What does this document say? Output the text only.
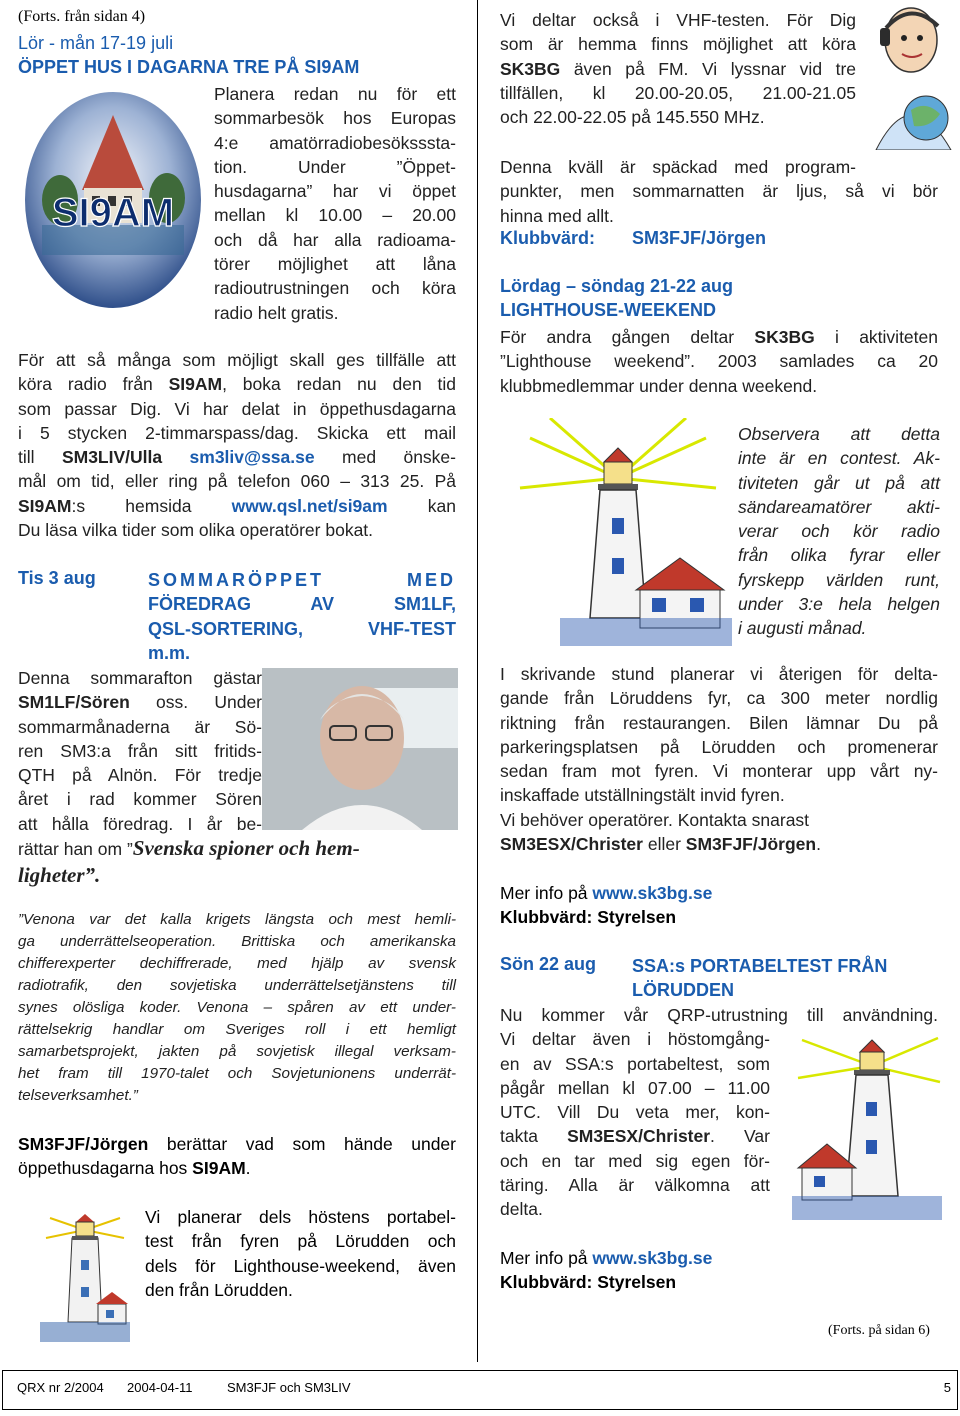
(Forts. från sidan 4)
Lör - mån 17-19 juli
ÖPPET HUS I DAGARNA TRE PÅ SI9AM
SI9AM
Planera redan nu för ett
sommarbesök hos Europas
4:e amatörradiobesöksssta-
tion. Under ”Öppet-
husdagarna” har vi öppet
mellan kl 10.00 – 20.00
och då har alla radioama-
törer möjlighet att låna
radioutrustningen och köra
radio helt gratis.
För att så många som möjligt skall ges tillfälle att
köra radio från SI9AM, boka redan nu den tid
som passar Dig. Vi har delat in öppethusdagarna
i 5 stycken 2-timmarspass/dag. Skicka ett mail
till SM3LIV/Ulla sm3liv@ssa.se med önske-
mål om tid, eller ring på telefon 060 – 313 25. På
SI9AM:s hemsida www.qsl.net/si9am kan
Du läsa vilka tider som olika operatörer bokat.
Tis 3 aug	SOMMARÖPPET MED
FÖREDRAG AV SM1LF,
QSL-SORTERING, VHF-TEST
m.m.
Denna sommarafton gästar
SM1LF/Sören oss. Under
sommarmånaderna är Sö-
ren SM3:a från sitt fritids-
QTH på Alnön. För tredje
året i rad kommer Sören
att hålla föredrag. I år be-
rättar han om ”Svenska spioner och hem-
ligheter”.
”Venona var det kalla krigets längsta och mest hemli-
ga underrättelseoperation. Brittiska och amerikanska
chifferexperter dechiffrerade, med hjälp av svensk
radiotrafik, den sovjetiska underrättelsetjänstens till
synes olösliga koder. Venona – spåren av ett under-
rättelsekrig handlar om Sveriges roll i ett hemligt
samarbetsprojekt, jakten på sovjetisk illegal verksam-
het fram till 1970-talet och Sovjetunionens underrät-
telseverksamhet.”
SM3FJF/Jörgen berättar vad som hände under
öppethusdagarna hos SI9AM.
Vi planerar dels höstens portabel-
test från fyren på Lörudden och
dels för Lighthouse-weekend, även
den från Lörudden.
Vi deltar också i VHF-testen. För Dig
som är hemma finns möjlighet att köra
SK3BG även på FM. Vi lyssnar vid tre
tillfällen, kl 20.00-20.05, 21.00-21.05
och 22.00-22.05 på 145.550 MHz.
Denna kväll är späckad med program-
punkter, men sommarnatten är ljus, så vi bör
hinna med allt.
Klubbvärd: SM3FJF/Jörgen
Lördag – söndag 21-22 aug
LIGHTHOUSE-WEEKEND
För andra gången deltar SK3BG i aktiviteten
”Lighthouse weekend”. 2003 samlades ca 20
klubbmedlemmar under denna weekend.
Observera att detta
inte är en contest. Ak-
tiviteten går ut på att
sändareamatörer akti-
verar och kör radio
från olika fyrar eller
fyrskepp världen runt,
under 3:e hela helgen
i augusti månad.
I skrivande stund planerar vi återigen för delta-
gande från Löruddens fyr, ca 300 meter nordlig
riktning från restaurangen. Bilen lämnar Du på
parkeringsplatsen på Lörudden och promenerar
sedan fram mot fyren. Vi monterar upp vårt ny-
inskaffade utställningstält invid fyren.
Vi behöver operatörer. Kontakta snarast
SM3ESX/Christer eller SM3FJF/Jörgen.
Mer info på www.sk3bg.se
Klubbvärd: Styrelsen
Sön 22 aug SSA:s PORTABELTEST FRÅN
LÖRUDDEN
Nu kommer vår QRP-utrustning till användning.
Vi deltar även i höstomgång-
en av SSA:s portabeltest, som
pågår mellan kl 07.00 – 11.00
UTC. Vill Du veta mer, kon-
takta SM3ESX/Christer. Var
och en tar med sig egen för-
täring. Alla är välkomna att
delta.
Mer info på www.sk3bg.se
Klubbvärd: Styrelsen
(Forts. på sidan 6)
QRX nr 2/2004 2004-04-11	SM3FJF och SM3LIV	5
